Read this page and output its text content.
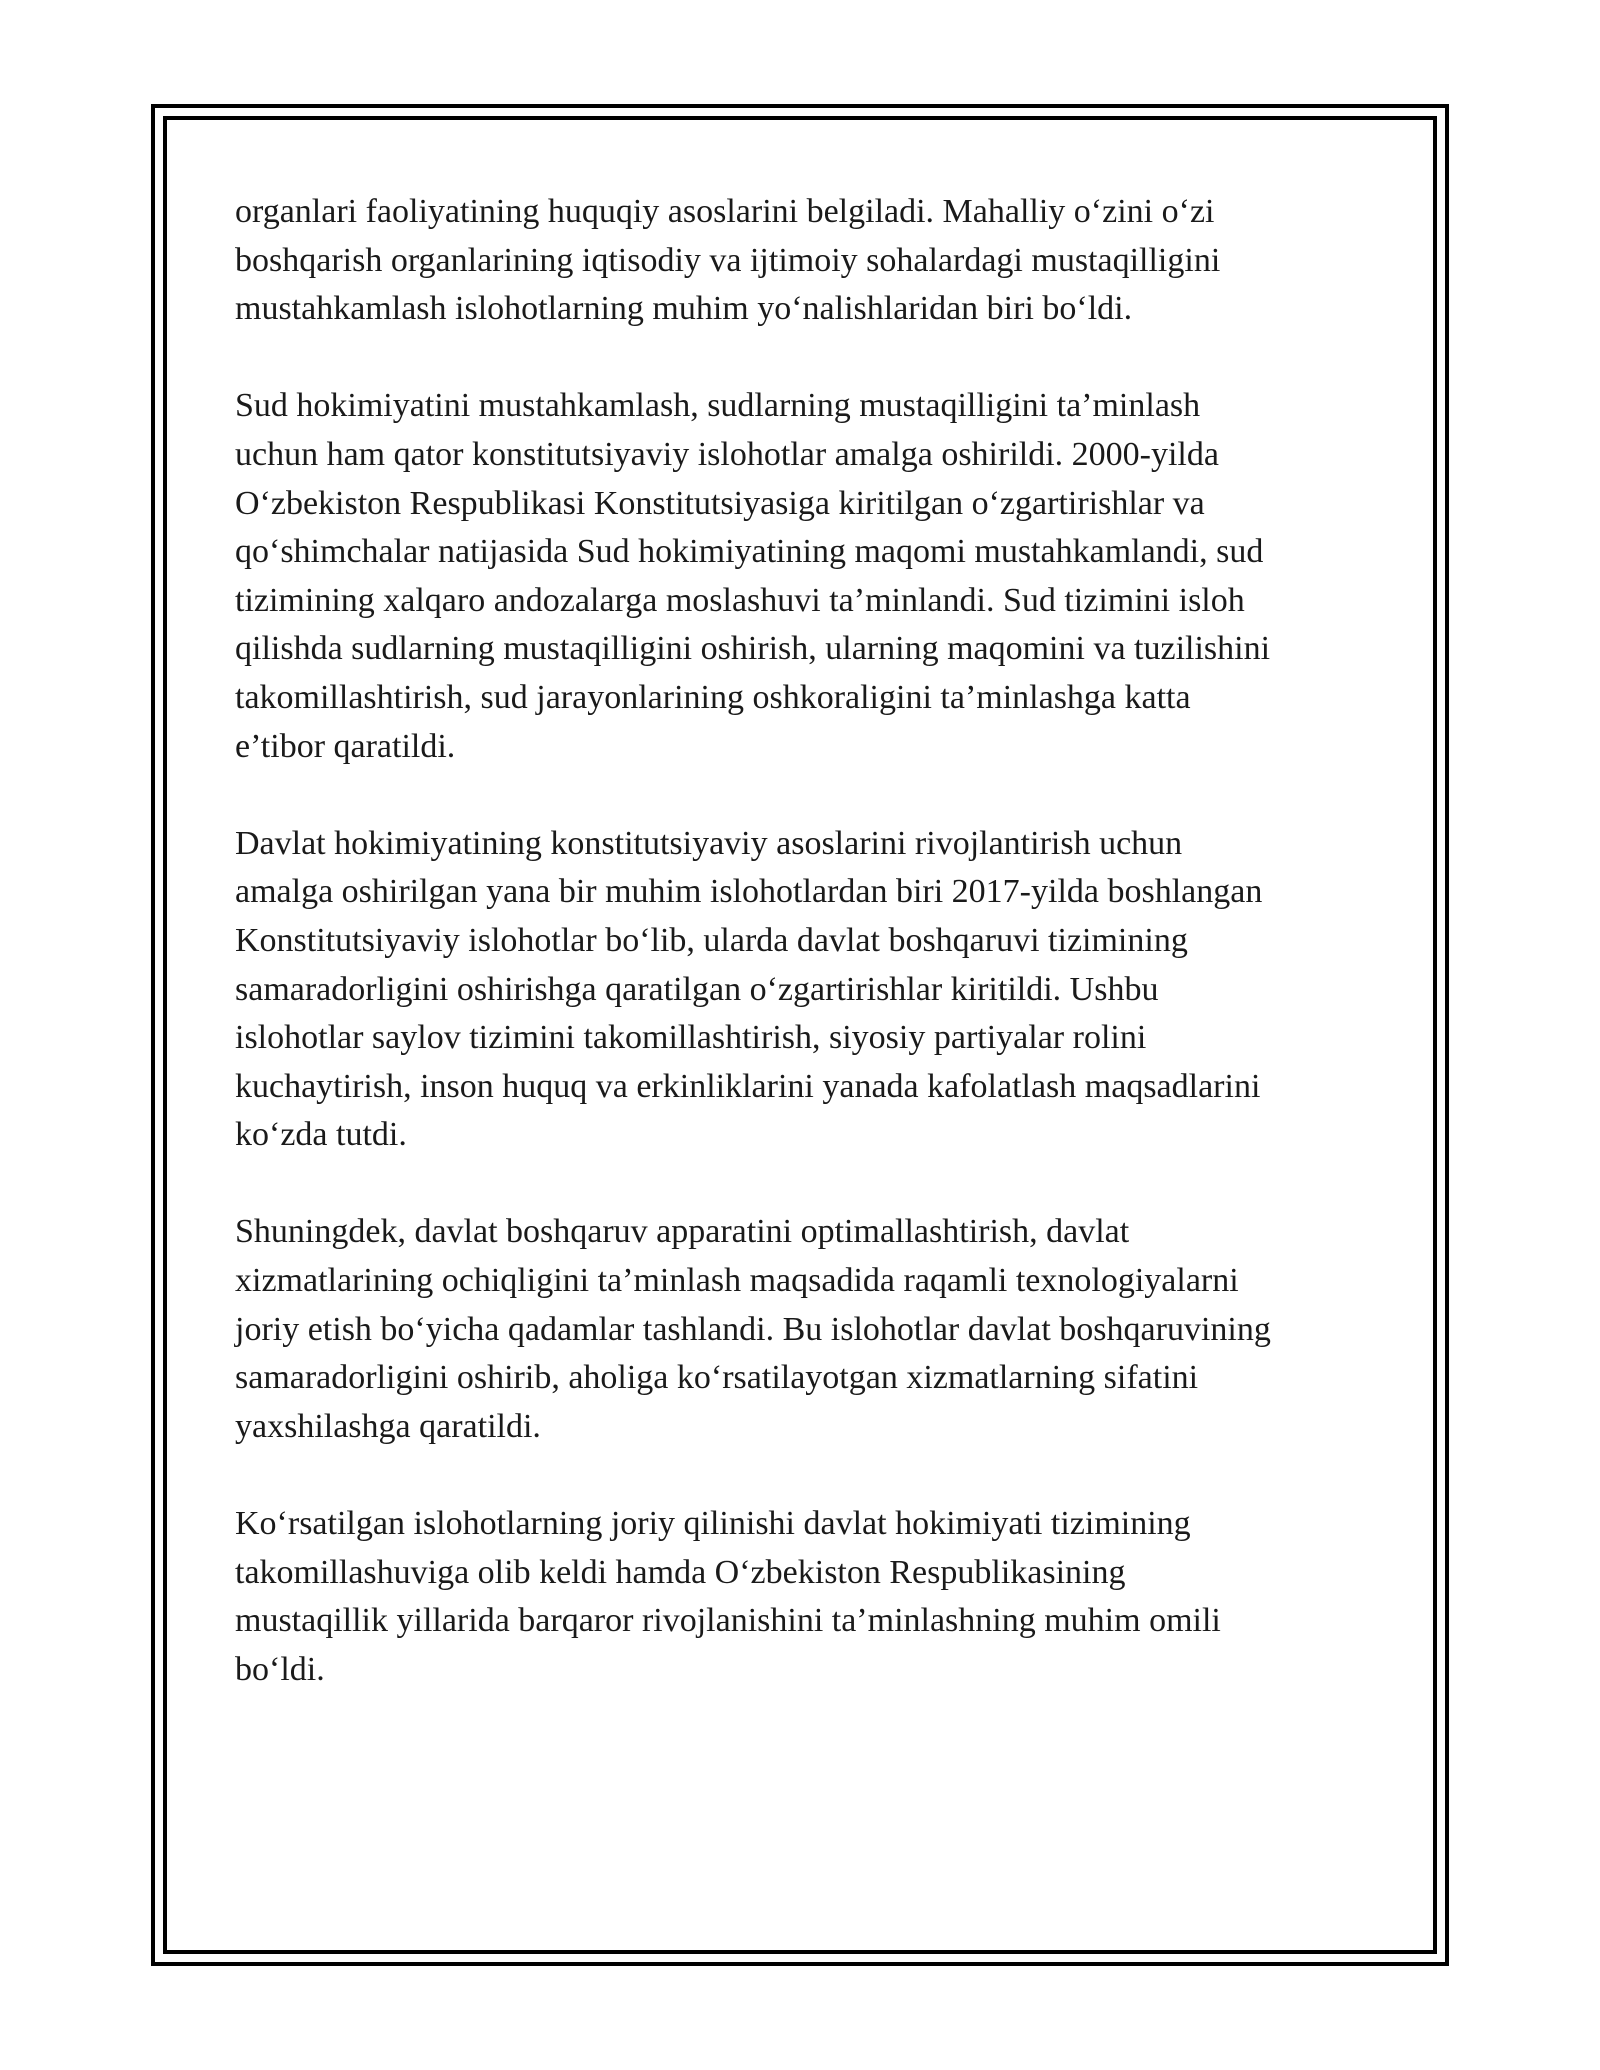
organlari faoliyatining huquqiy asoslarini belgiladi. Mahalliy o‘zini o‘zi
boshqarish organlarining iqtisodiy va ijtimoiy sohalardagi mustaqilligini
mustahkamlash islohotlarning muhim yo‘nalishlaridan biri bo‘ldi.

Sud hokimiyatini mustahkamlash, sudlarning mustaqilligini ta’minlash
uchun ham qator konstitutsiyaviy islohotlar amalga oshirildi. 2000-yilda
O‘zbekiston Respublikasi Konstitutsiyasiga kiritilgan o‘zgartirishlar va
qo‘shimchalar natijasida Sud hokimiyatining maqomi mustahkamlandi, sud
tizimining xalqaro andozalarga moslashuvi ta’minlandi. Sud tizimini isloh
qilishda sudlarning mustaqilligini oshirish, ularning maqomini va tuzilishini
takomillashtirish, sud jarayonlarining oshkoraligini ta’minlashga katta
e’tibor qaratildi.

Davlat hokimiyatining konstitutsiyaviy asoslarini rivojlantirish uchun
amalga oshirilgan yana bir muhim islohotlardan biri 2017-yilda boshlangan
Konstitutsiyaviy islohotlar bo‘lib, ularda davlat boshqaruvi tizimining
samaradorligini oshirishga qaratilgan o‘zgartirishlar kiritildi. Ushbu
islohotlar saylov tizimini takomillashtirish, siyosiy partiyalar rolini
kuchaytirish, inson huquq va erkinliklarini yanada kafolatlash maqsadlarini
ko‘zda tutdi.

Shuningdek, davlat boshqaruv apparatini optimallashtirish, davlat
xizmatlarining ochiqligini ta’minlash maqsadida raqamli texnologiyalarni
joriy etish bo‘yicha qadamlar tashlandi. Bu islohotlar davlat boshqaruvining
samaradorligini oshirib, aholiga ko‘rsatilayotgan xizmatlarning sifatini
yaxshilashga qaratildi.

Ko‘rsatilgan islohotlarning joriy qilinishi davlat hokimiyati tizimining
takomillashuviga olib keldi hamda O‘zbekiston Respublikasining
mustaqillik yillarida barqaror rivojlanishini ta’minlashning muhim omili
bo‘ldi.
